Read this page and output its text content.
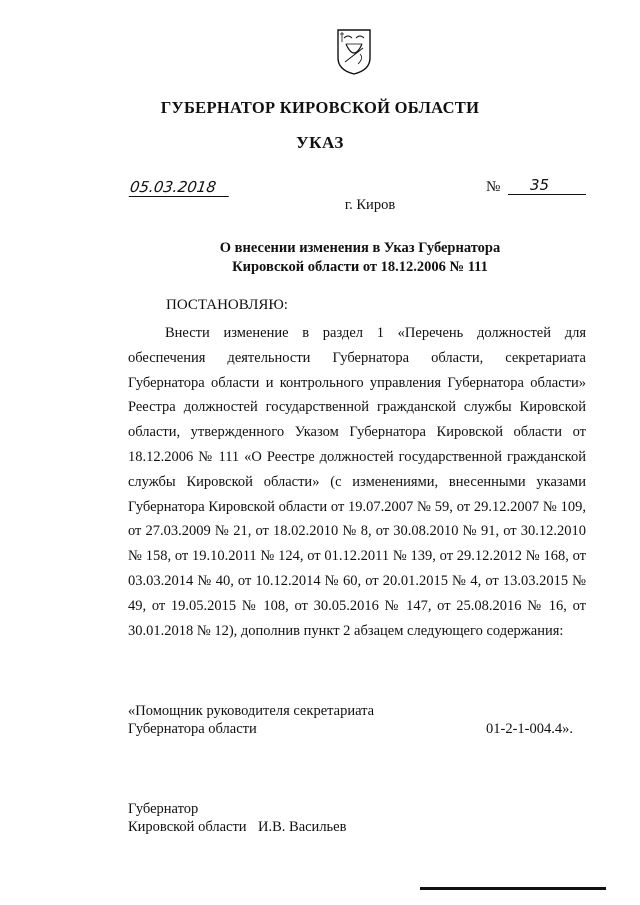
ГУБЕРНАТОР КИРОВСКОЙ ОБЛАСТИ
УКАЗ
05.03.2018	№	35
г. Киров
О внесении изменения в Указ Губернатора
Кировской области от 18.12.2006 № 111
ПОСТАНОВЛЯЮ:

Внести изменение в раздел 1 «Перечень должностей для обеспечения деятельности Губернатора области, секретариата Губернатора области и контрольного управления Губернатора области» Реестра должностей государственной гражданской службы Кировской области, утвержденного Указом Губернатора Кировской области от 18.12.2006 № 111 «О Реестре должностей государственной гражданской службы Кировской области» (с изменениями, внесенными указами Губернатора Кировской области от 19.07.2007 № 59, от 29.12.2007 № 109, от 27.03.2009 № 21, от 18.02.2010 № 8, от 30.08.2010 № 91, от 30.12.2010 № 158, от 19.10.2011 № 124, от 01.12.2011 № 139, от 29.12.2012 № 168, от 03.03.2014 № 40, от 10.12.2014 № 60, от 20.01.2015 № 4, от 13.03.2015 № 49, от 19.05.2015 № 108, от 30.05.2016 № 147, от 25.08.2016 № 16, от 30.01.2018 № 12), дополнив пункт 2 абзацем следующего содержания:

«Помощник руководителя секретариата
Губернатора области	01-2-1-004.4».
Губернатор
Кировской области И.В. Васильев
